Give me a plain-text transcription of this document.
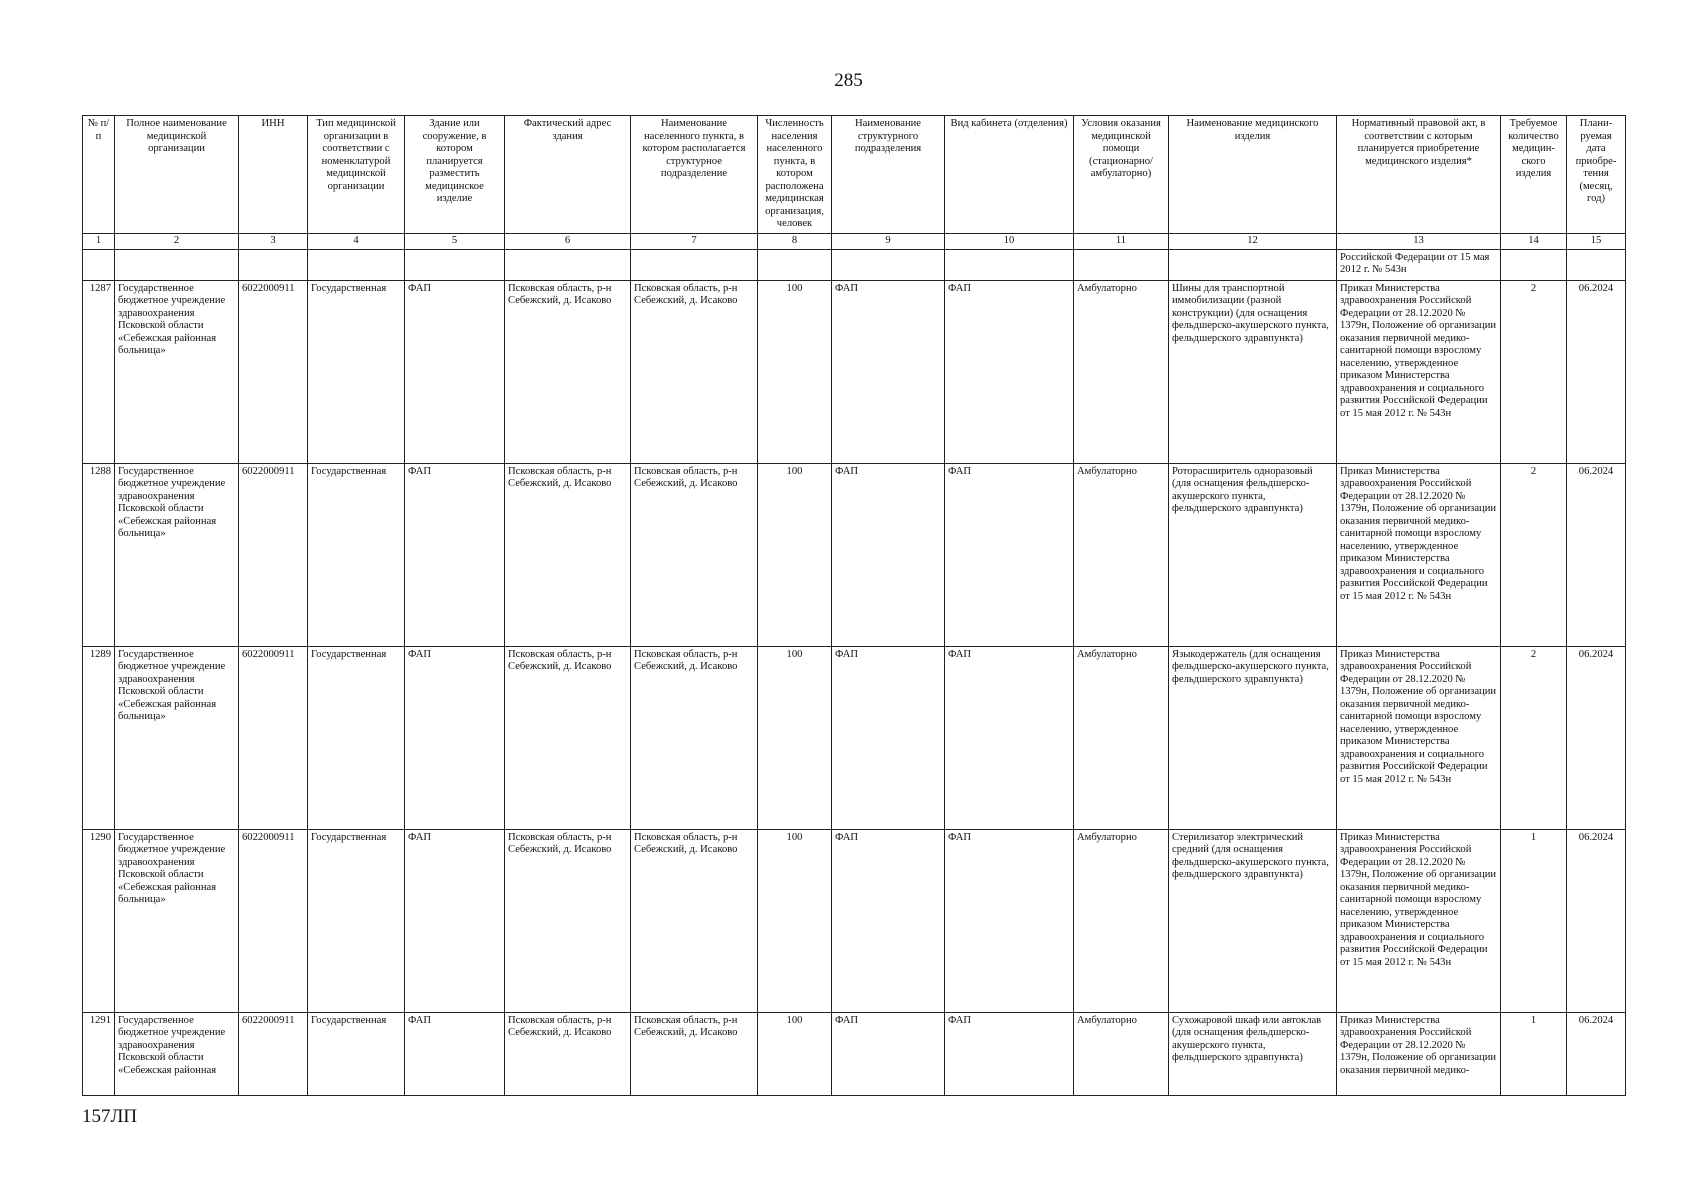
285
№ п/п	Полное наименование медицинской организации	ИНН	Тип медицинской организации в соответствии с номенклатурой медицинской организации	Здание или сооружение, в котором планируется разместить медицинское изделие	Фактический адрес здания	Наименование населенного пункта, в котором располагается структурное подразделение	Численность населения населенного пункта, в котором расположена медицинская организация, человек	Наименование структурного подразделения	Вид кабинета (отделения)	Условия оказания медицинской помощи (стационарно/ амбулаторно)	Наименование медицинского изделия	Нормативный правовой акт, в соответствии с которым планируется приобретение медицинского изделия*	Требуемое количество медицин-ского изделия	Плани-руемая дата приобре-тения (месяц, год)
1	2	3	4	5	6	7	8	9	10	11	12	13	14	15
												Российской Федерации от 15 мая 2012 г. № 543н		

1287	Государственное бюджетное учреждение здравоохранения Псковской области «Себежская районная больница»	6022000911	Государственная	ФАП	Псковская область, р-н Себежский, д. Исаково	Псковская область, р-н Себежский, д. Исаково	100	ФАП	ФАП	Амбулаторно	Шины для транспортной иммобилизации (разной конструкции) (для оснащения фельдшерско-акушерского пункта, фельдшерского здравпункта)	Приказ Министерства здравоохранения Российской Федерации от 28.12.2020 № 1379н, Положение об организации оказания первичной медико-санитарной помощи взрослому населению, утвержденное приказом Министерства здравоохранения и социального развития Российской Федерации от 15 мая 2012 г. № 543н	2	06.2024

1288	Государственное бюджетное учреждение здравоохранения Псковской области «Себежская районная больница»	6022000911	Государственная	ФАП	Псковская область, р-н Себежский, д. Исаково	Псковская область, р-н Себежский, д. Исаково	100	ФАП	ФАП	Амбулаторно	Роторасширитель одноразовый (для оснащения фельдшерско-акушерского пункта, фельдшерского здравпункта)	Приказ Министерства здравоохранения Российской Федерации от 28.12.2020 № 1379н, Положение об организации оказания первичной медико-санитарной помощи взрослому населению, утвержденное приказом Министерства здравоохранения и социального развития Российской Федерации от 15 мая 2012 г. № 543н	2	06.2024

1289	Государственное бюджетное учреждение здравоохранения Псковской области «Себежская районная больница»	6022000911	Государственная	ФАП	Псковская область, р-н Себежский, д. Исаково	Псковская область, р-н Себежский, д. Исаково	100	ФАП	ФАП	Амбулаторно	Языкодержатель (для оснащения фельдшерско-акушерского пункта, фельдшерского здравпункта)	Приказ Министерства здравоохранения Российской Федерации от 28.12.2020 № 1379н, Положение об организации оказания первичной медико-санитарной помощи взрослому населению, утвержденное приказом Министерства здравоохранения и социального развития Российской Федерации от 15 мая 2012 г. № 543н	2	06.2024

1290	Государственное бюджетное учреждение здравоохранения Псковской области «Себежская районная больница»	6022000911	Государственная	ФАП	Псковская область, р-н Себежский, д. Исаково	Псковская область, р-н Себежский, д. Исаково	100	ФАП	ФАП	Амбулаторно	Стерилизатор электрический средний (для оснащения фельдшерско-акушерского пункта, фельдшерского здравпункта)	Приказ Министерства здравоохранения Российской Федерации от 28.12.2020 № 1379н, Положение об организации оказания первичной медико-санитарной помощи взрослому населению, утвержденное приказом Министерства здравоохранения и социального развития Российской Федерации от 15 мая 2012 г. № 543н	1	06.2024

1291	Государственное бюджетное учреждение здравоохранения Псковской области «Себежская районная	6022000911	Государственная	ФАП	Псковская область, р-н Себежский, д. Исаково	Псковская область, р-н Себежский, д. Исаково	100	ФАП	ФАП	Амбулаторно	Сухожаровой шкаф или автоклав (для оснащения фельдшерско-акушерского пункта, фельдшерского здравпункта)	Приказ Министерства здравоохранения Российской Федерации от 28.12.2020 № 1379н, Положение об организации оказания первичной медико-	1	06.2024
157ЛП
